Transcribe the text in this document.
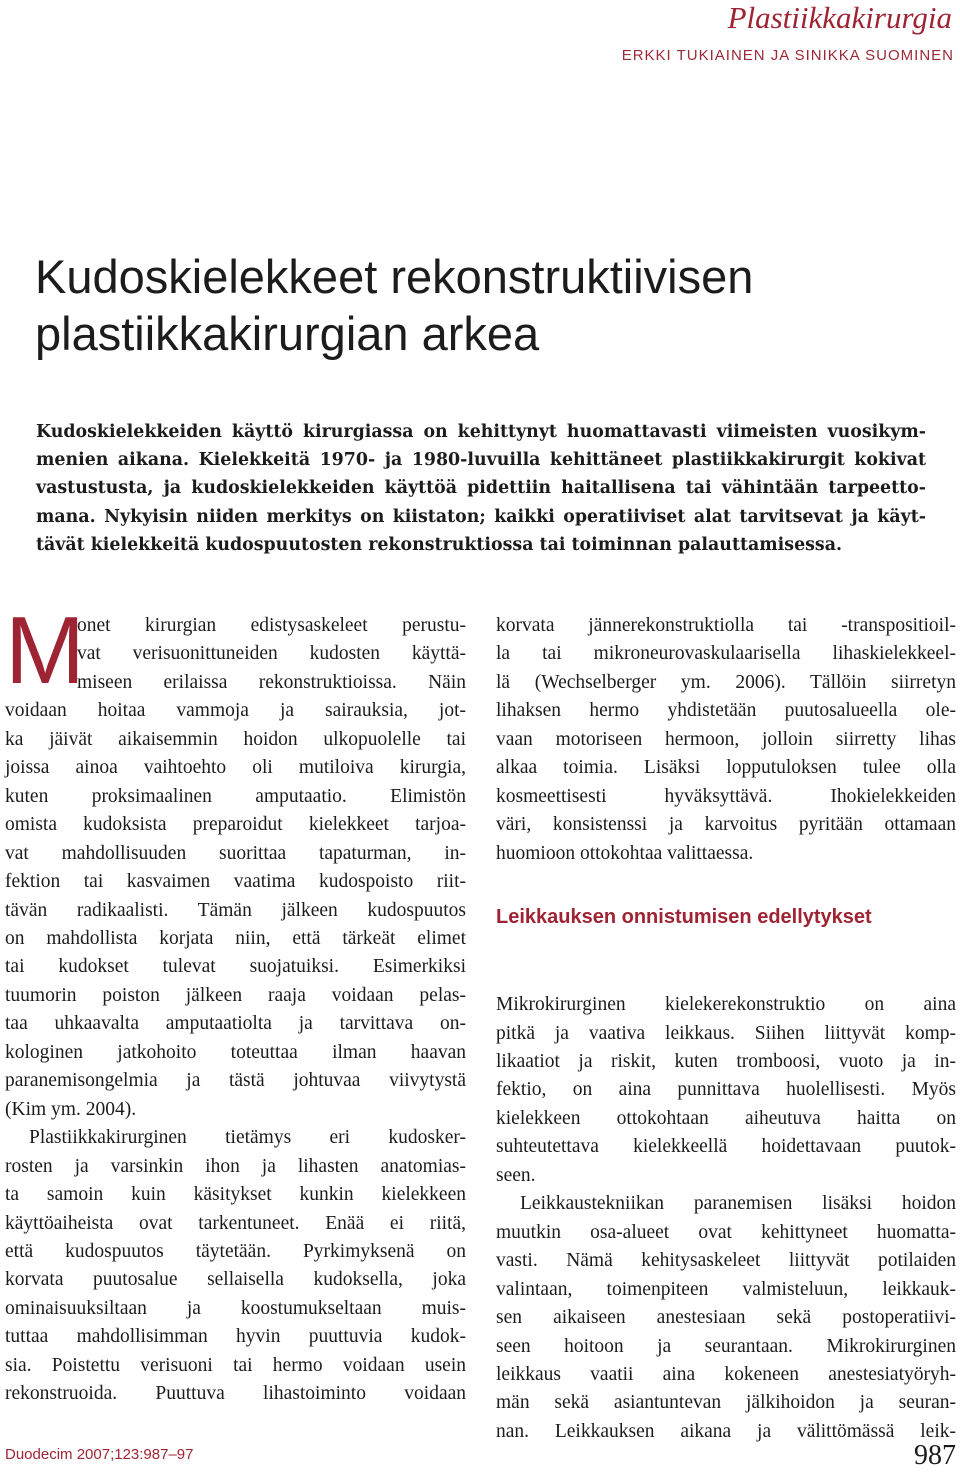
Plastiikkakirurgia
ERKKI TUKIAINEN JA SINIKKA SUOMINEN
Kudoskielekkeet rekonstruktiivisen
plastiikkakirurgian arkea
Kudoskielekkeiden käyttö kirurgiassa on kehittynyt huomattavasti viimeisten vuosikym-
menien aikana. Kielekkeitä 1970- ja 1980-luvuilla kehittäneet plastiikkakirurgit kokivat
vastustusta, ja kudoskielekkeiden käyttöä pidettiin haitallisena tai vähintään tarpeetto-
mana. Nykyisin niiden merkitys on kiistaton; kaikki operatiiviset alat tarvitsevat ja käyt-
tävät kielekkeitä kudospuutosten rekonstruktiossa tai toiminnan palauttamisessa.
M
onet kirurgian edistysaskeleet perustu-
vat verisuonittuneiden kudosten käyttä-
miseen erilaissa rekonstruktioissa. Näin
voidaan hoitaa vammoja ja sairauksia, jot-
ka jäivät aikaisemmin hoidon ulkopuolelle tai
joissa ainoa vaihtoehto oli mutiloiva kirurgia,
kuten proksimaalinen amputaatio. Elimistön
omista kudoksista preparoidut kielekkeet tarjoa-
vat mahdollisuuden suorittaa tapaturman, in-
fektion tai kasvaimen vaatima kudospoisto riit-
tävän radikaalisti. Tämän jälkeen kudospuutos
on mahdollista korjata niin, että tärkeät elimet
tai kudokset tulevat suojatuiksi. Esimerkiksi
tuumorin poiston jälkeen raaja voidaan pelas-
taa uhkaavalta amputaatiolta ja tarvittava on-
kologinen jatkohoito toteuttaa ilman haavan
paranemisongelmia ja tästä johtuvaa viivytystä
(Kim ym. 2004).
Plastiikkakirurginen tietämys eri kudosker-
rosten ja varsinkin ihon ja lihasten anatomias-
ta samoin kuin käsitykset kunkin kielekkeen
käyttöaiheista ovat tarkentuneet. Enää ei riitä,
että kudospuutos täytetään. Pyrkimyksenä on
korvata puutosalue sellaisella kudoksella, joka
ominaisuuksiltaan ja koostumukseltaan muis-
tuttaa mahdollisimman hyvin puuttuvia kudok-
sia. Poistettu verisuoni tai hermo voidaan usein
rekonstruoida. Puuttuva lihastoiminto voidaan
korvata jännerekonstruktiolla tai -transpositioil-
la tai mikroneurovaskulaarisella lihaskielekkeel-
lä (Wechselberger ym. 2006). Tällöin siirretyn
lihaksen hermo yhdistetään puutosalueella ole-
vaan motoriseen hermoon, jolloin siirretty lihas
alkaa toimia. Lisäksi lopputuloksen tulee olla
kosmeettisesti hyväksyttävä. Ihokielekkeiden
väri, konsistenssi ja karvoitus pyritään ottamaan
huomioon ottokohtaa valittaessa.
Mikrokirurginen kielekerekonstruktio on aina
pitkä ja vaativa leikkaus. Siihen liittyvät komp-
likaatiot ja riskit, kuten tromboosi, vuoto ja in-
fektio, on aina punnittava huolellisesti. Myös
kielekkeen ottokohtaan aiheutuva haitta on
suhteutettava kielekkeellä hoidettavaan puutok-
seen.
Leikkaustekniikan paranemisen lisäksi hoidon
muutkin osa-alueet ovat kehittyneet huomatta-
vasti. Nämä kehitysaskeleet liittyvät potilaiden
valintaan, toimenpiteen valmisteluun, leikkauk-
sen aikaiseen anestesiaan sekä postoperatiivi-
seen hoitoon ja seurantaan. Mikrokirurginen
leikkaus vaatii aina kokeneen anestesiatyöryh-
män sekä asiantuntevan jälkihoidon ja seuran-
nan. Leikkauksen aikana ja välittömässä leik-
Leikkauksen onnistumisen edellytykset
Duodecim 2007;123:987–97	987
